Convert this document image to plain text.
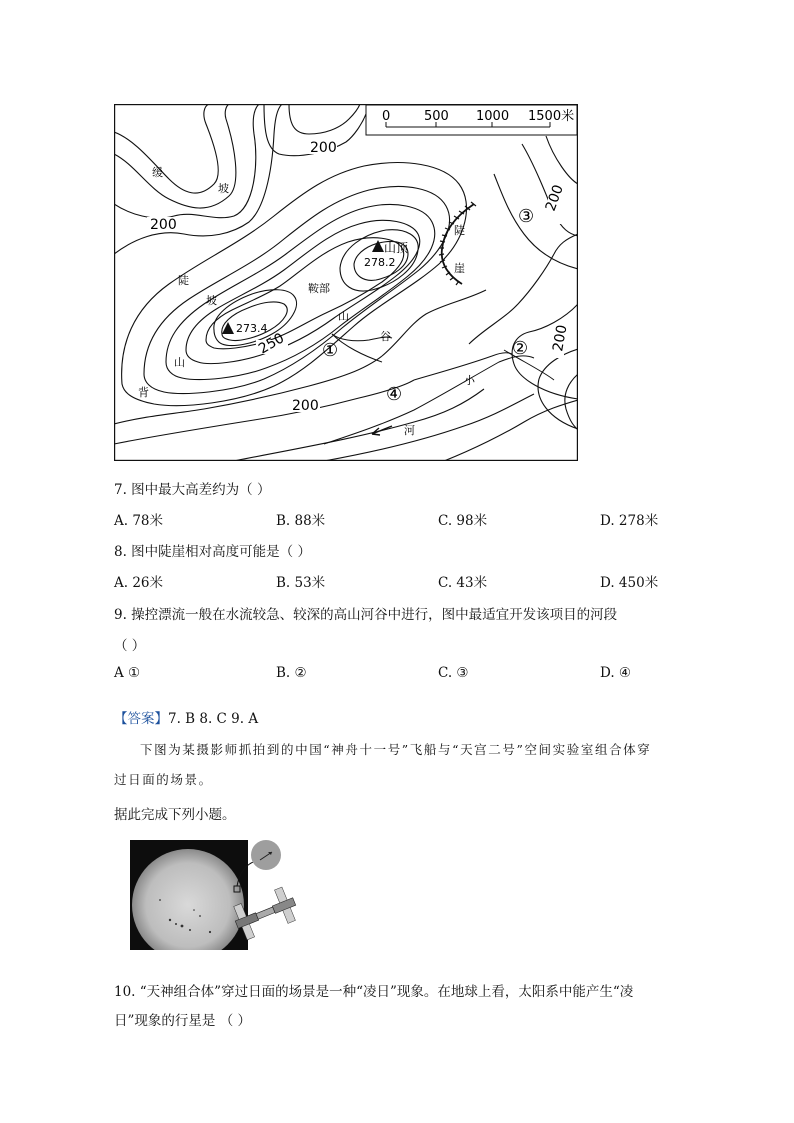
0	500 1000 1500米
200
200
200
200
250	200
山顶
278.2
273.4
缓
坡
陡
坡
陡
崖
鞍部
山
谷
山
背
小
河
①	②
③
④
7. 图中最大高差约为（ ）
A. 78米	B. 88米	C. 98米	D. 278米
8. 图中陡崖相对高度可能是（ ）
A. 26米	B. 53米	C. 43米	D. 450米
9. 操控漂流一般在水流较急、较深的高山河谷中进行，图中最适宜开发该项目的河段
（ ）
A ①	B. ②	C. ③	D. ④
【答案】7. B 8. C 9. A
下图为某摄影师抓拍到的中国“神舟十一号”飞船与“天宫二号”空间实验室组合体穿
过日面的场景。
据此完成下列小题。
10. “天神组合体”穿过日面的场景是一种“凌日”现象。在地球上看，太阳系中能产生“凌
日”现象的行星是 （ ）
